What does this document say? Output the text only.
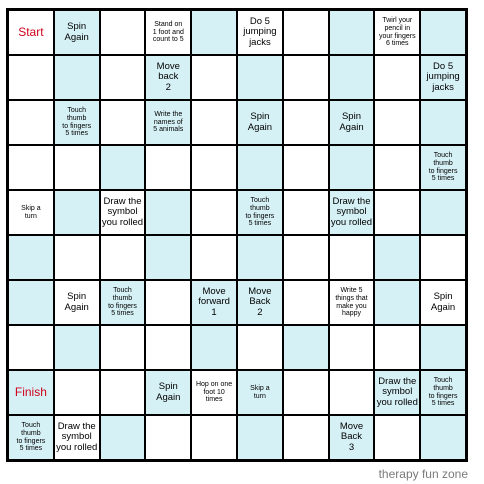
Start Spin
Again
Stand on
1 foot and
count to 5
Do 5
jumping
jacks
Twirl your
pencil in
your fingers
6 times
Move
back
2
Do 5
jumping
jacks
Touch
thumb
to fingers
5 times
Write the
names of
5 animals
Spin
Again
Spin
Again
Touch
thumb
to fingers
5 times
Skip a
turn
Draw the
symbol
you rolled
Touch
thumb
to fingers
5 times
Draw the
symbol
you rolled
Spin
Again
Touch
thumb
to fingers
5 times
Move
forward
1
Move
Back
2
Write 5
things that
make you
happy
Spin
Again
Finish	Spin
Again
Hop on one
foot 10
times
Skip a
turn
Draw the
symbol
you rolled
Touch
thumb
to fingers
5 times
Touch
thumb
to fingers
5 times
Draw the
symbol
you rolled
Move
Back
3
therapy fun zone
